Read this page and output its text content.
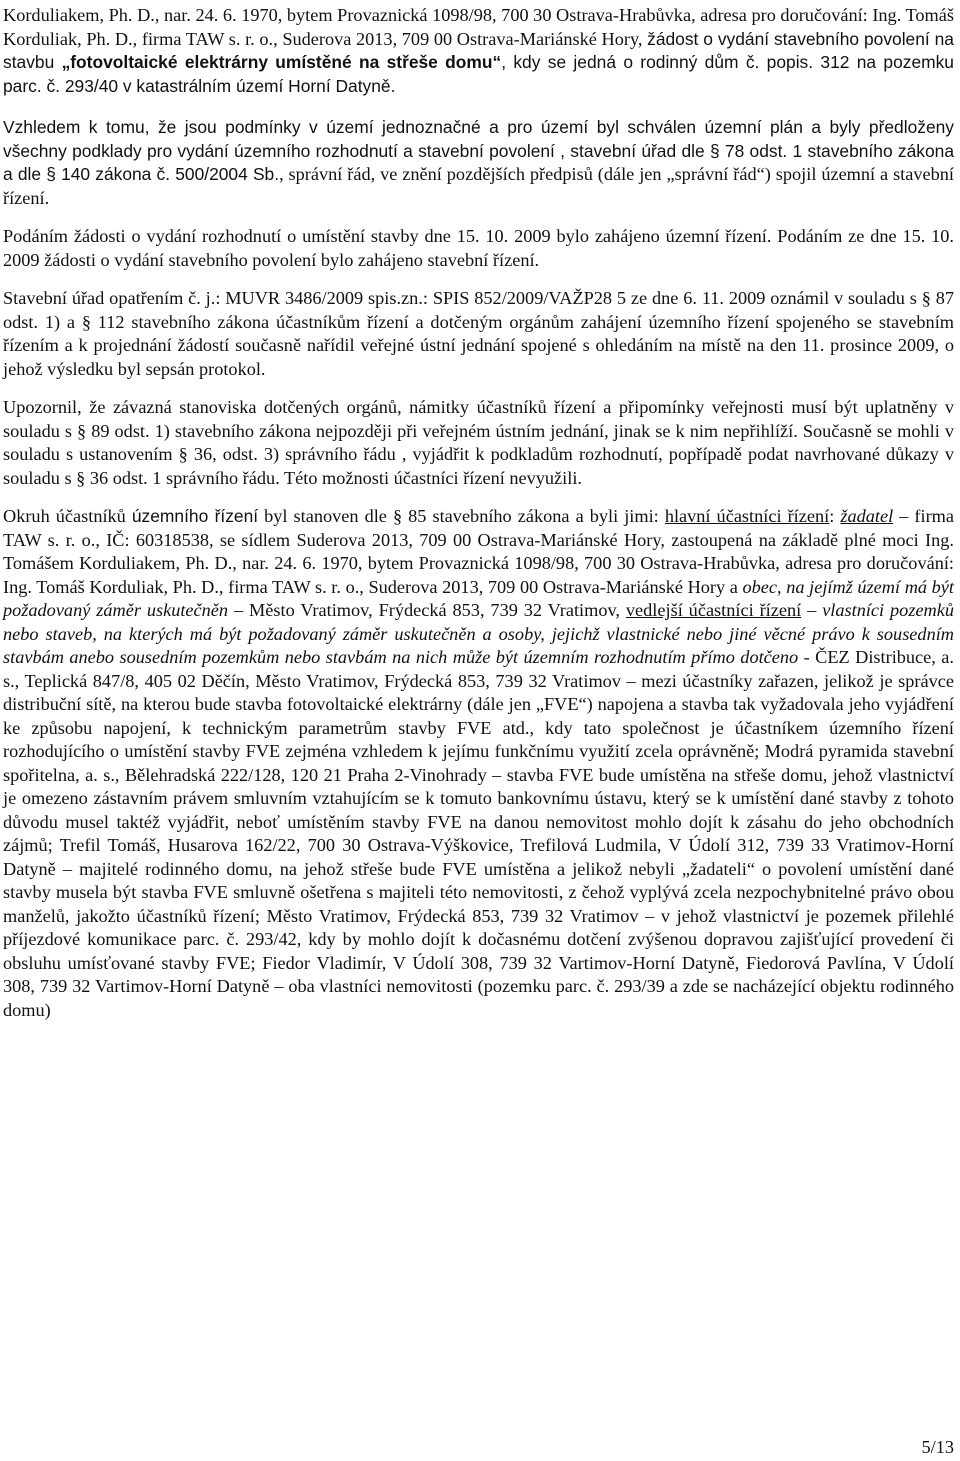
Korduliakem, Ph. D., nar. 24. 6. 1970, bytem Provaznická 1098/98, 700 30 Ostrava-Hrabůvka, adresa pro doručování: Ing. Tomáš Korduliak, Ph. D., firma TAW s. r. o., Suderova 2013, 709 00 Ostrava-Mariánské Hory, žádost o vydání stavebního povolení na stavbu „fotovoltaické elektrárny umístěné na střeše domu“, kdy se jedná o rodinný dům č. popis. 312 na pozemku parc. č. 293/40 v katastrálním území Horní Datyně.

Vzhledem k tomu, že jsou podmínky v území jednoznačné a pro území byl schválen územní plán a byly předloženy všechny podklady pro vydání územního rozhodnutí a stavební povolení , stavební úřad dle § 78 odst. 1 stavebního zákona a dle § 140 zákona č. 500/2004 Sb., správní řád, ve znění pozdějších předpisů (dále jen „správní řád“) spojil územní a stavební řízení.

Podáním žádosti o vydání rozhodnutí o umístění stavby dne 15. 10. 2009 bylo zahájeno územní řízení. Podáním ze dne 15. 10. 2009 žádosti o vydání stavebního povolení bylo zahájeno stavební řízení.

Stavební úřad opatřením č. j.: MUVR 3486/2009 spis.zn.: SPIS 852/2009/VAŽP28 5 ze dne 6. 11. 2009 oznámil v souladu s § 87 odst. 1) a § 112 stavebního zákona účastníkům řízení a dotčeným orgánům zahájení územního řízení spojeného se stavebním řízením a k projednání žádostí současně nařídil veřejné ústní jednání spojené s ohledáním na místě na den 11. prosince 2009, o jehož výsledku byl sepsán protokol.

Upozornil, že závazná stanoviska dotčených orgánů, námitky účastníků řízení a připomínky veřejnosti musí být uplatněny v souladu s § 89 odst. 1) stavebního zákona nejpozději při veřejném ústním jednání, jinak se k nim nepřihlíží. Současně se mohli v souladu s ustanovením § 36, odst. 3) správního řádu , vyjádřit k podkladům rozhodnutí, popřípadě podat navrhované důkazy v souladu s § 36 odst. 1 správního řádu. Této možnosti účastníci řízení nevyužili.

Okruh účastníků územního řízení byl stanoven dle § 85 stavebního zákona a byli jimi: hlavní účastníci řízení: žadatel – firma TAW s. r. o., IČ: 60318538, se sídlem Suderova 2013, 709 00 Ostrava-Mariánské Hory, zastoupená na základě plné moci Ing. Tomášem Korduliakem, Ph. D., nar. 24. 6. 1970, bytem Provaznická 1098/98, 700 30 Ostrava-Hrabůvka, adresa pro doručování: Ing. Tomáš Korduliak, Ph. D., firma TAW s. r. o., Suderova 2013, 709 00 Ostrava-Mariánské Hory a obec, na jejímž území má být požadovaný záměr uskutečněn – Město Vratimov, Frýdecká 853, 739 32 Vratimov, vedlejší účastníci řízení – vlastníci pozemků nebo staveb, na kterých má být požadovaný záměr uskutečněn a osoby, jejichž vlastnické nebo jiné věcné právo k sousedním stavbám anebo sousedním pozemkům nebo stavbám na nich může být územním rozhodnutím přímo dotčeno - ČEZ Distribuce, a. s., Teplická 847/8, 405 02 Děčín, Město Vratimov, Frýdecká 853, 739 32 Vratimov – mezi účastníky zařazen, jelikož je správce distribuční sítě, na kterou bude stavba fotovoltaické elektrárny (dále jen „FVE“) napojena a stavba tak vyžadovala jeho vyjádření ke způsobu napojení, k technickým parametrům stavby FVE atd., kdy tato společnost je účastníkem územního řízení rozhodujícího o umístění stavby FVE zejména vzhledem k jejímu funkčnímu využití zcela oprávněně; Modrá pyramida stavební spořitelna, a. s., Bělehradská 222/128, 120 21 Praha 2-Vinohrady – stavba FVE bude umístěna na střeše domu, jehož vlastnictví je omezeno zástavním právem smluvním vztahujícím se k tomuto bankovnímu ústavu, který se k umístění dané stavby z tohoto důvodu musel taktéž vyjádřit, neboť umístěním stavby FVE na danou nemovitost mohlo dojít k zásahu do jeho obchodních zájmů; Trefil Tomáš, Husarova 162/22, 700 30 Ostrava-Výškovice, Trefilová Ludmila, V Údolí 312, 739 33 Vratimov-Horní Datyně – majitelé rodinného domu, na jehož střeše bude FVE umístěna a jelikož nebyli „žadateli“ o povolení umístění dané stavby musela být stavba FVE smluvně ošetřena s majiteli této nemovitosti, z čehož vyplývá zcela nezpochybnitelné právo obou manželů, jakožto účastníků řízení; Město Vratimov, Frýdecká 853, 739 32 Vratimov – v jehož vlastnictví je pozemek přilehlé příjezdové komunikace parc. č. 293/42, kdy by mohlo dojít k dočasnému dotčení zvýšenou dopravou zajišťující provedení či obsluhu umísťované stavby FVE; Fiedor Vladimír, V Údolí 308, 739 32 Vartimov-Horní Datyně, Fiedorová Pavlína, V Údolí 308, 739 32 Vartimov-Horní Datyně – oba vlastníci nemovitosti (pozemku parc. č. 293/39 a zde se nacházející objektu rodinného domu)

5/13
